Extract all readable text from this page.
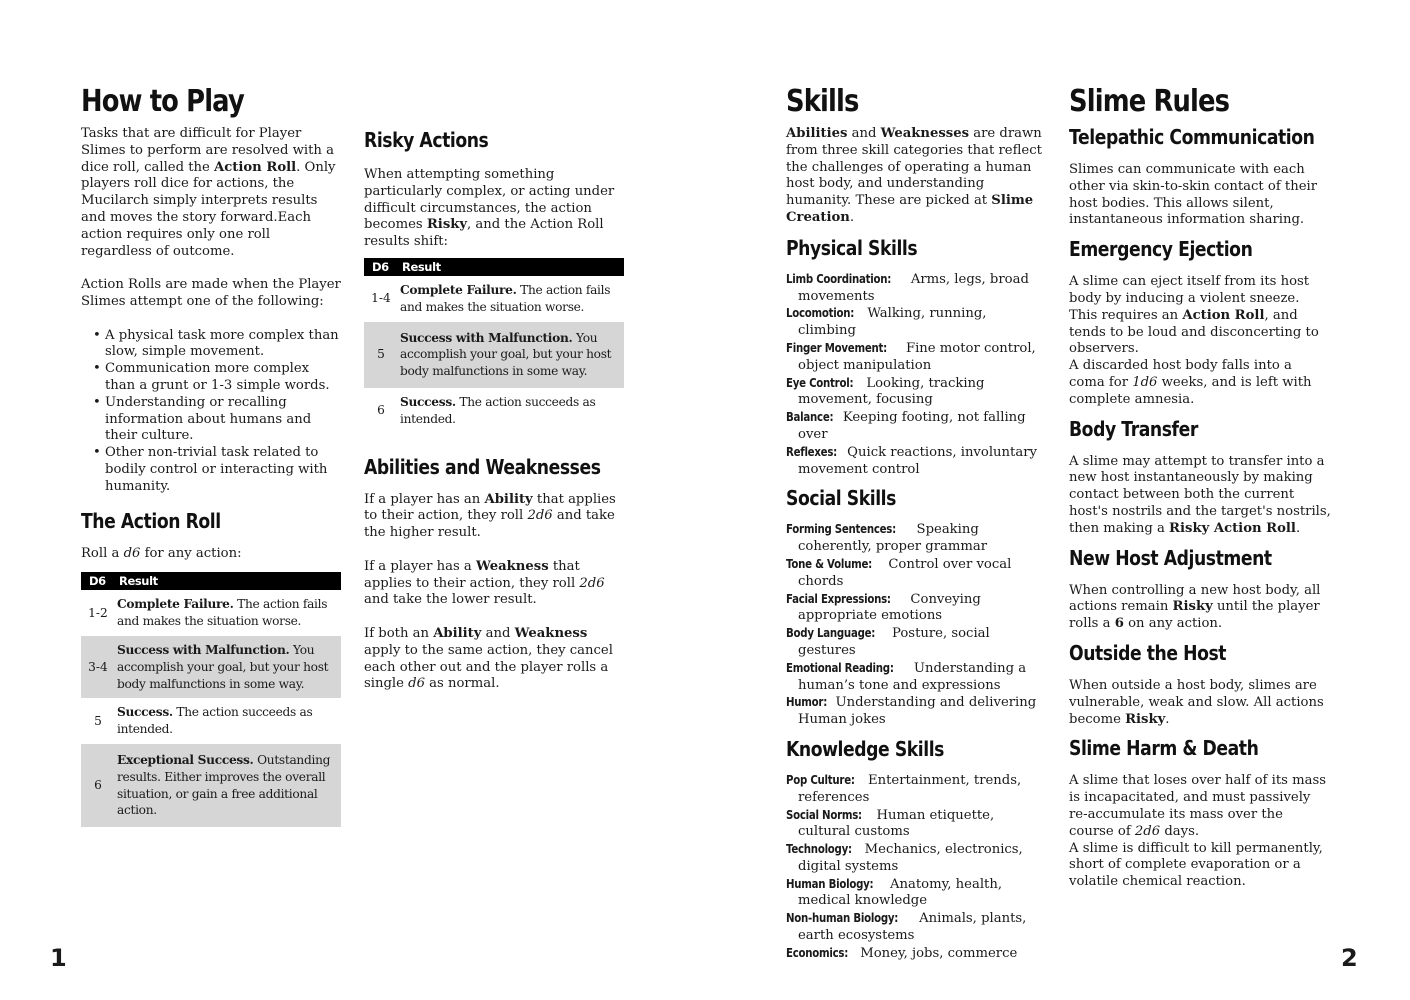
How to Play

Tasks that are difficult for Player Slimes to perform are resolved with a dice roll, called the Action Roll. Only players roll dice for actions, the Mucilarch simply interprets results and moves the story forward.Each action requires only one roll regardless of outcome.

Action Rolls are made when the Player Slimes attempt one of the following:

• A physical task more complex than slow, simple movement.
• Communication more complex than a grunt or 1-3 simple words.
• Understanding or recalling information about humans and their culture.
• Other non-trivial task related to bodily control or interacting with humanity.
The Action Roll

Roll a d6 for any action:

D6	Result
1-2	Complete Failure. The action fails and makes the situation worse.
3-4	Success with Malfunction. You accomplish your goal, but your host body malfunctions in some way.
5	Success. The action succeeds as intended.
6	Exceptional Success. Outstanding results. Either improves the overall situation, or gain a free additional action.
Risky Actions

When attempting something particularly complex, or acting under difficult circumstances, the action becomes Risky, and the Action Roll results shift:

D6	Result
1-4	Complete Failure. The action fails and makes the situation worse.
5	Success with Malfunction. You accomplish your goal, but your host body malfunctions in some way.
6	Success. The action succeeds as intended.
Abilities and Weaknesses

If a player has an Ability that applies to their action, they roll 2d6 and take the higher result.

If a player has a Weakness that applies to their action, they roll 2d6 and take the lower result.

If both an Ability and Weakness apply to the same action, they cancel each other out and the player rolls a single d6 as normal.

Skills

Abilities and Weaknesses are drawn from three skill categories that reflect the challenges of operating a human host body, and understanding humanity. These are picked at Slime Creation.

Physical Skills
Limb Coordination: Arms, legs, broad movements
Locomotion: Walking, running, climbing
Finger Movement: Fine motor control, object manipulation
Eye Control: Looking, tracking movement, focusing
Balance: Keeping footing, not falling over
Reflexes: Quick reactions, involuntary movement control
Social Skills
Forming Sentences: Speaking coherently, proper grammar
Tone & Volume: Control over vocal chords
Facial Expressions: Conveying appropriate emotions
Body Language: Posture, social gestures
Emotional Reading: Understanding a human’s tone and expressions
Humor: Understanding and delivering Human jokes
Knowledge Skills
Pop Culture: Entertainment, trends, references
Social Norms: Human etiquette, cultural customs
Technology: Mechanics, electronics, digital systems
Human Biology: Anatomy, health, medical knowledge
Non-human Biology: Animals, plants, earth ecosystems
Economics: Money, jobs, commerce
Slime Rules
Telepathic Communication

Slimes can communicate with each other via skin-to-skin contact of their host bodies. This allows silent, instantaneous information sharing.

Emergency Ejection

A slime can eject itself from its host body by inducing a violent sneeze. This requires an Action Roll, and tends to be loud and disconcerting to observers.

A discarded host body falls into a coma for 1d6 weeks, and is left with complete amnesia.

Body Transfer

A slime may attempt to transfer into a new host instantaneously by making contact between both the current host's nostrils and the target's nostrils, then making a Risky Action Roll.

New Host Adjustment

When controlling a new host body, all actions remain Risky until the player rolls a 6 on any action.

Outside the Host

When outside a host body, slimes are vulnerable, weak and slow. All actions become Risky.

Slime Harm & Death

A slime that loses over half of its mass is incapacitated, and must passively re-accumulate its mass over the course of 2d6 days.

A slime is difficult to kill permanently, short of complete evaporation or a volatile chemical reaction.

1	2
